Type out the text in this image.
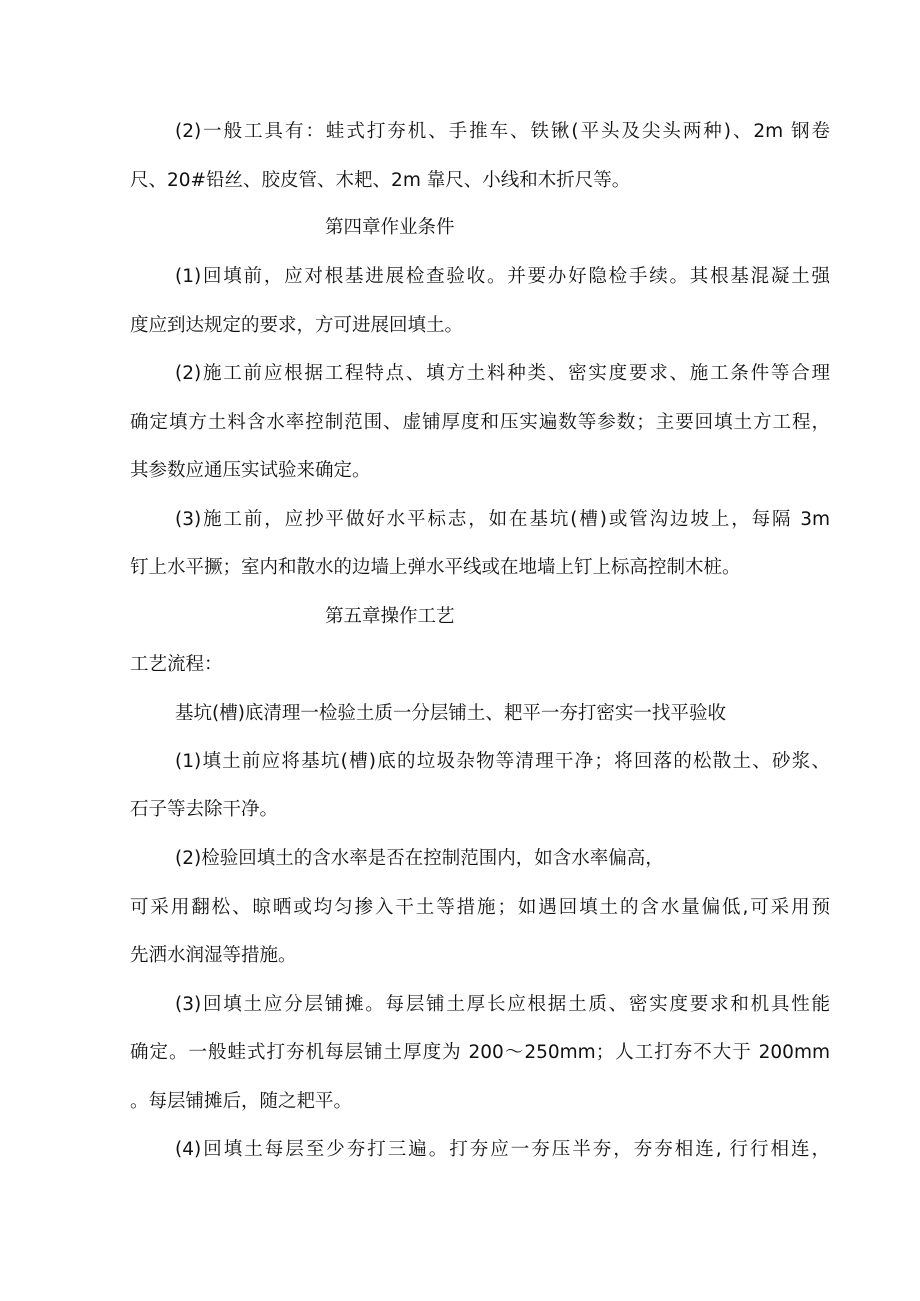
(2)一般工具有：蛙式打夯机、手推车、铁锹(平头及尖头两种)、2m 钢卷
尺、20#铅丝、胶皮管、木耙、2m 靠尺、小线和木折尺等。
第四章作业条件
(1)回填前，应对根基进展检查验收。并要办好隐检手续。其根基混凝土强
度应到达规定的要求，方可进展回填土。
(2)施工前应根据工程特点、填方土料种类、密实度要求、施工条件等合理
确定填方土料含水率控制范围、虚铺厚度和压实遍数等参数；主要回填土方工程，
其参数应通压实试验来确定。
(3)施工前，应抄平做好水平标志，如在基坑(槽)或管沟边坡上，每隔 3m
钉上水平撅；室内和散水的边墙上弹水平线或在地墙上钉上标高控制木桩。
第五章操作工艺
工艺流程：
基坑(槽)底清理一检验土质一分层铺土、耙平一夯打密实一找平验收
(1)填土前应将基坑(槽)底的垃圾杂物等清理干净；将回落的松散土、砂浆、
石子等去除干净。
(2)检验回填土的含水率是否在控制范围内，如含水率偏高，
可采用翻松、晾晒或均匀掺入干土等措施；如遇回填土的含水量偏低,可采用预
先洒水润湿等措施。
(3)回填土应分层铺摊。每层铺土厚长应根据土质、密实度要求和机具性能
确定。一般蛙式打夯机每层铺土厚度为 200～250mm；人工打夯不大于 200mm
。每层铺摊后，随之耙平。
(4)回填土每层至少夯打三遍。打夯应一夯压半夯，夯夯相连, 行行相连，
